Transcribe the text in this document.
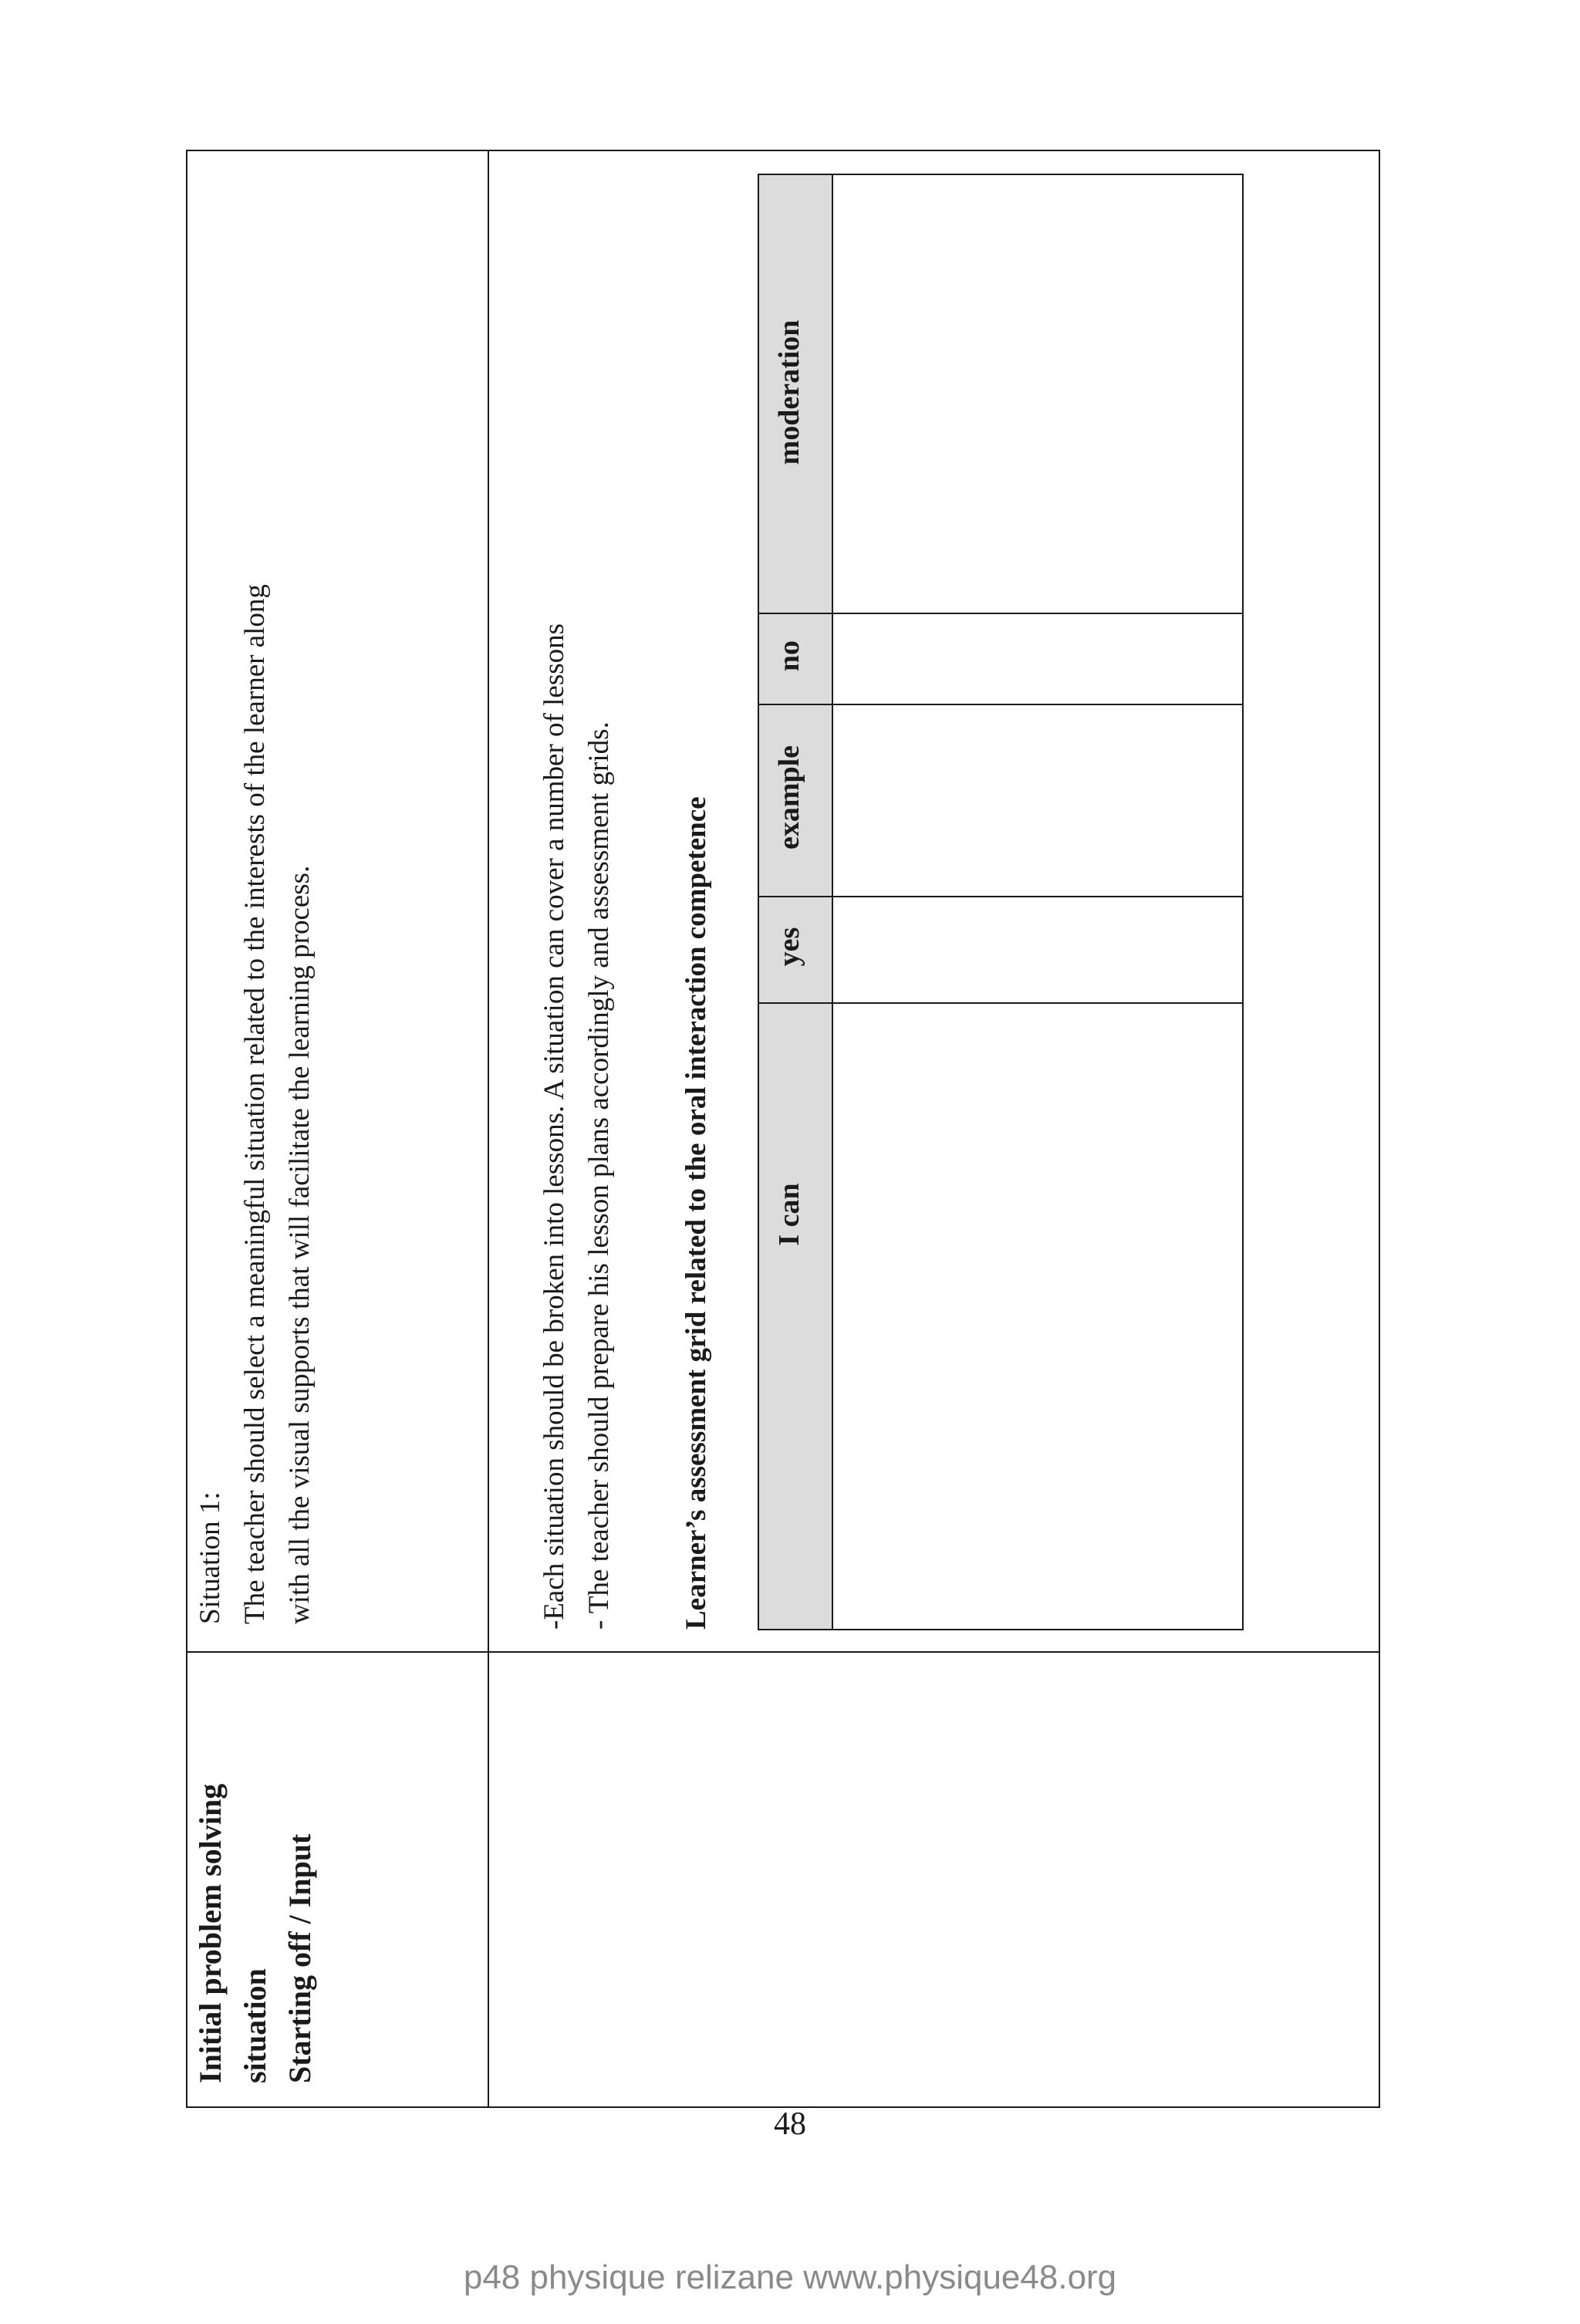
Initial problem solving situation Starting off / Input
Situation 1: The teacher should select a meaningful situation related to the interests of the learner along with all the visual supports that will facilitate the learning process.	-Each situation should be broken into lessons. A situation can cover a number of lessons - The teacher should prepare his lesson plans accordingly and assessment grids. Learner’s assessment grid related to the oral interaction competence I can
yes
example
no
moderation
48
p48 physique relizane www.physique48.org
